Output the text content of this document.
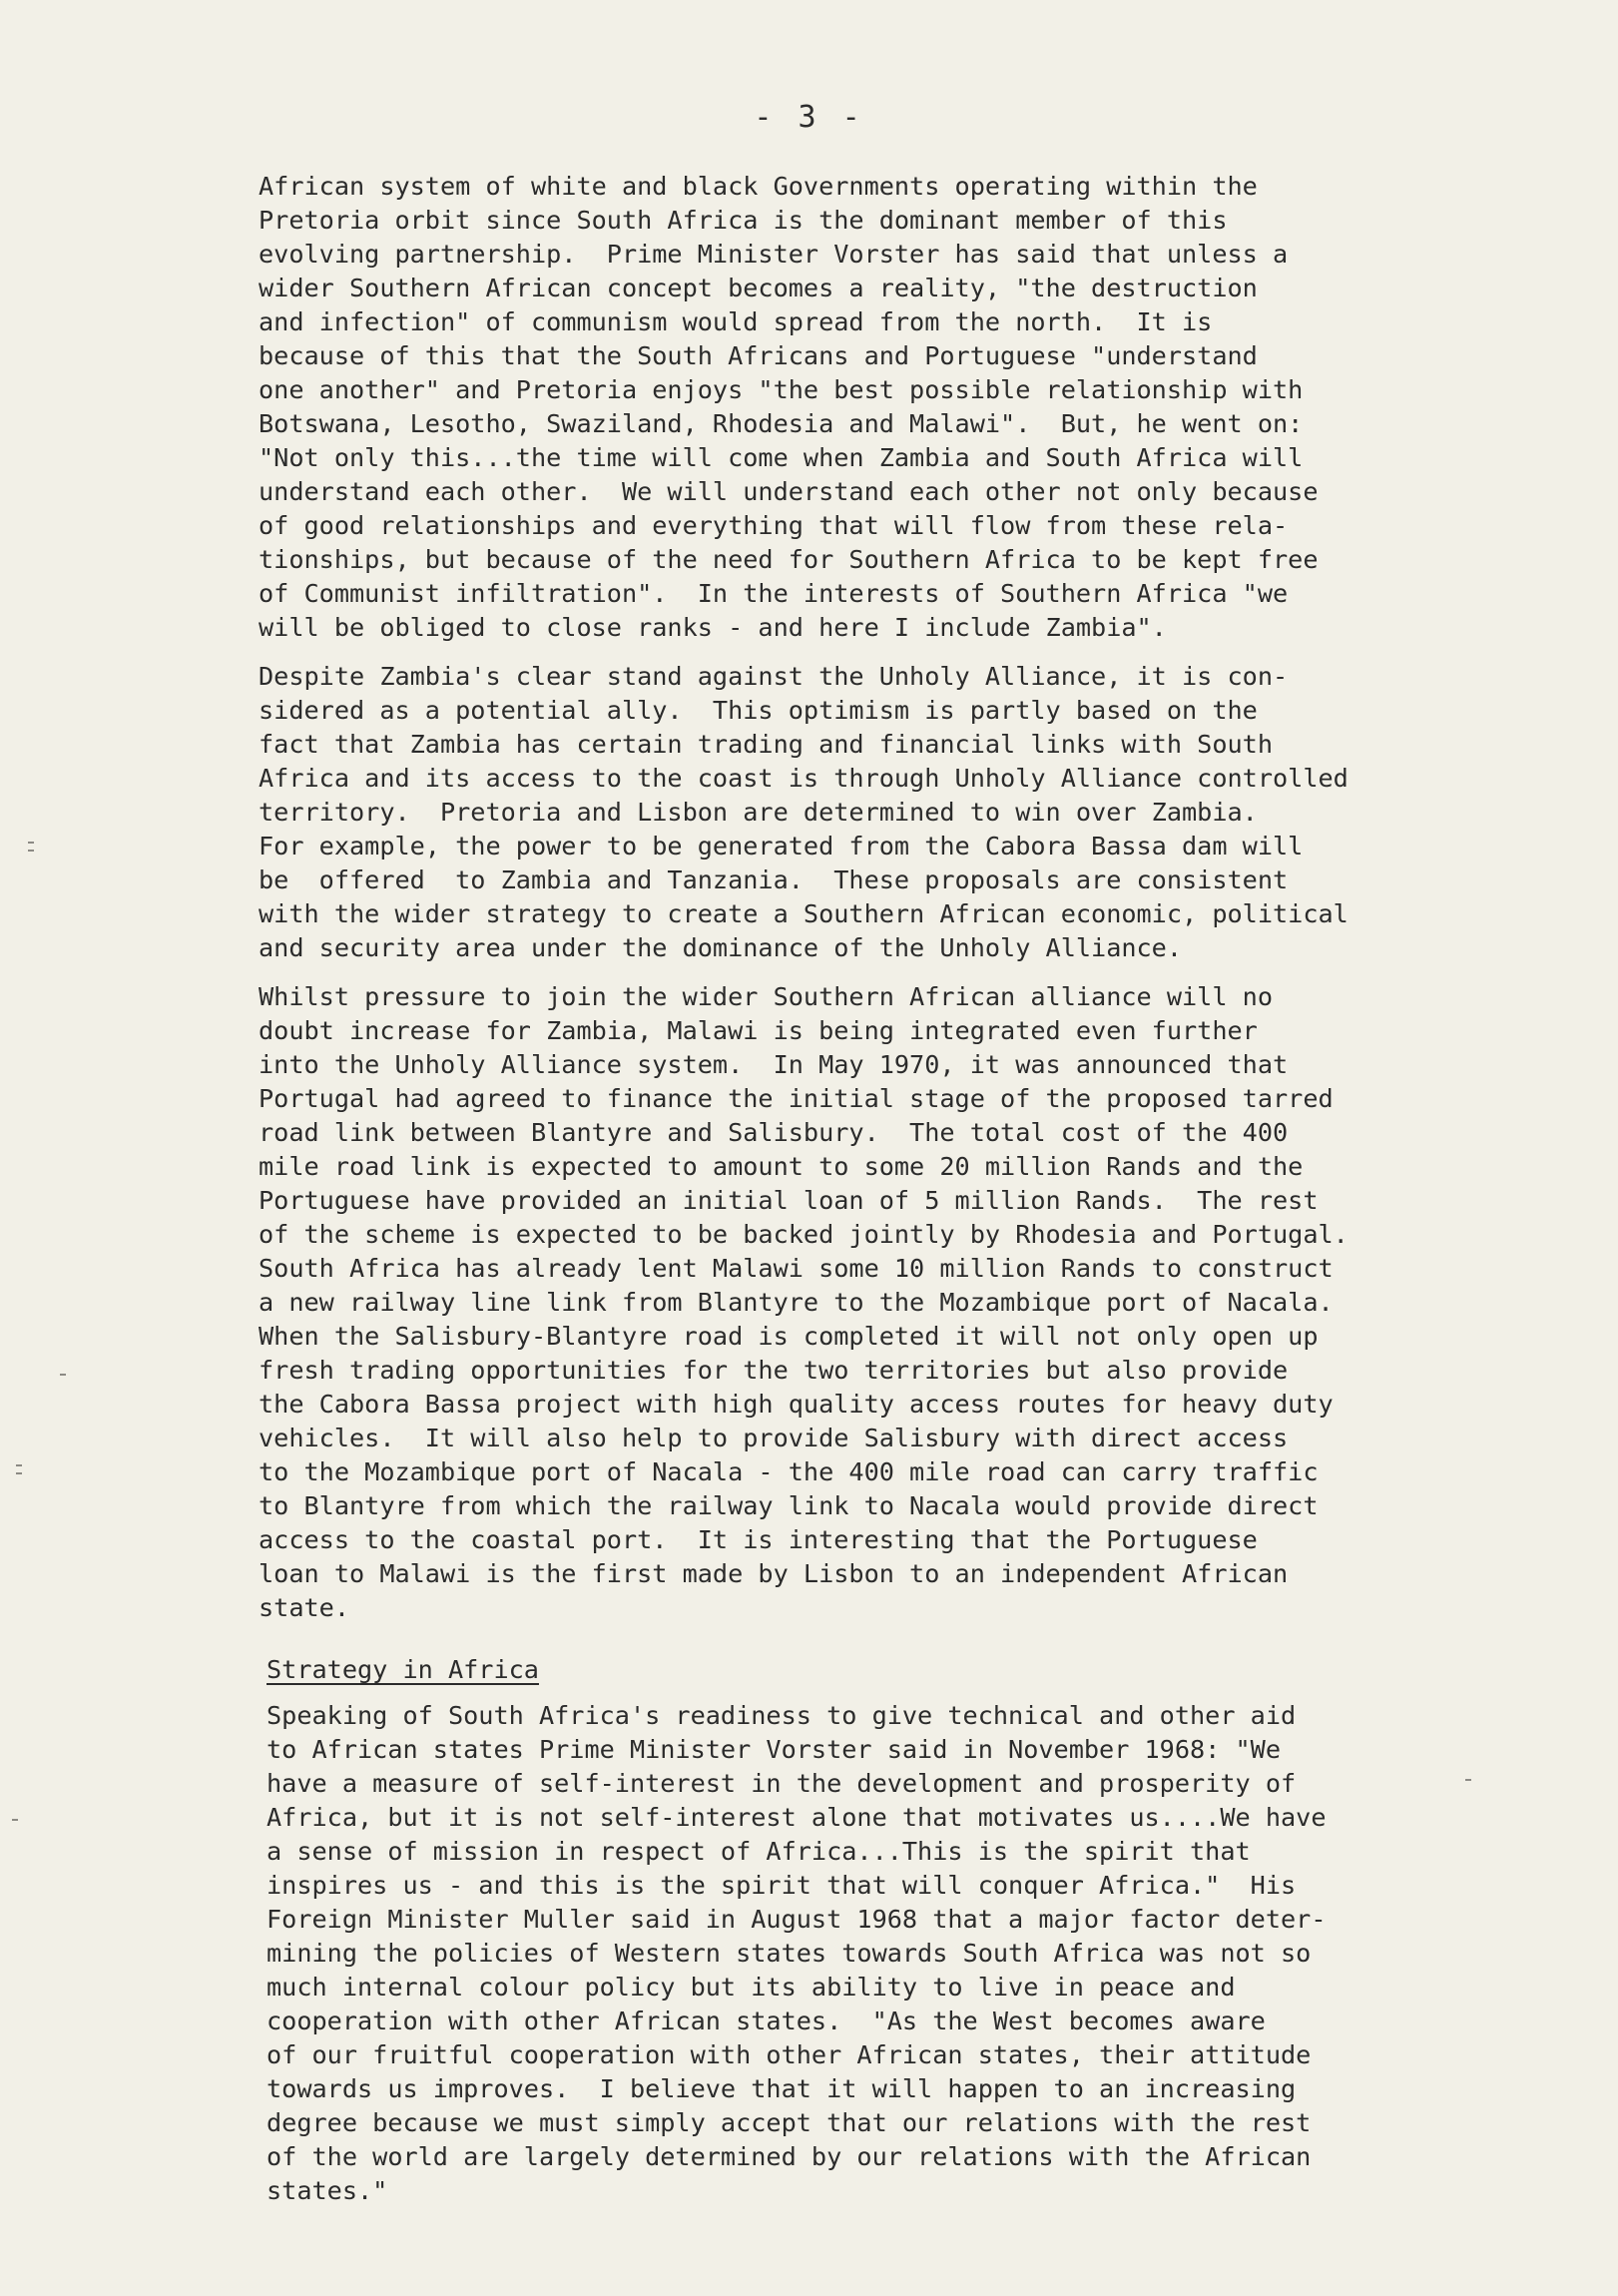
- 3 -
African system of white and black Governments operating within the
Pretoria orbit since South Africa is the dominant member of this
evolving partnership.  Prime Minister Vorster has said that unless a
wider Southern African concept becomes a reality, "the destruction
and infection" of communism would spread from the north.  It is
because of this that the South Africans and Portuguese "understand
one another" and Pretoria enjoys "the best possible relationship with
Botswana, Lesotho, Swaziland, Rhodesia and Malawi".  But, he went on:
"Not only this...the time will come when Zambia and South Africa will
understand each other.  We will understand each other not only because
of good relationships and everything that will flow from these rela-
tionships, but because of the need for Southern Africa to be kept free
of Communist infiltration".  In the interests of Southern Africa "we
will be obliged to close ranks - and here I include Zambia".
Despite Zambia's clear stand against the Unholy Alliance, it is con-
sidered as a potential ally.  This optimism is partly based on the
fact that Zambia has certain trading and financial links with South
Africa and its access to the coast is through Unholy Alliance controlled
territory.  Pretoria and Lisbon are determined to win over Zambia.
For example, the power to be generated from the Cabora Bassa dam will
be  offered  to Zambia and Tanzania.  These proposals are consistent
with the wider strategy to create a Southern African economic, political
and security area under the dominance of the Unholy Alliance.
Whilst pressure to join the wider Southern African alliance will no
doubt increase for Zambia, Malawi is being integrated even further
into the Unholy Alliance system.  In May 1970, it was announced that
Portugal had agreed to finance the initial stage of the proposed tarred
road link between Blantyre and Salisbury.  The total cost of the 400
mile road link is expected to amount to some 20 million Rands and the
Portuguese have provided an initial loan of 5 million Rands.  The rest
of the scheme is expected to be backed jointly by Rhodesia and Portugal.
South Africa has already lent Malawi some 10 million Rands to construct
a new railway line link from Blantyre to the Mozambique port of Nacala.
When the Salisbury-Blantyre road is completed it will not only open up
fresh trading opportunities for the two territories but also provide
the Cabora Bassa project with high quality access routes for heavy duty
vehicles.  It will also help to provide Salisbury with direct access
to the Mozambique port of Nacala - the 400 mile road can carry traffic
to Blantyre from which the railway link to Nacala would provide direct
access to the coastal port.  It is interesting that the Portuguese
loan to Malawi is the first made by Lisbon to an independent African
state.
Strategy in Africa
Speaking of South Africa's readiness to give technical and other aid
to African states Prime Minister Vorster said in November 1968: "We
have a measure of self-interest in the development and prosperity of
Africa, but it is not self-interest alone that motivates us....We have
a sense of mission in respect of Africa...This is the spirit that
inspires us - and this is the spirit that will conquer Africa."  His
Foreign Minister Muller said in August 1968 that a major factor deter-
mining the policies of Western states towards South Africa was not so
much internal colour policy but its ability to live in peace and
cooperation with other African states.  "As the West becomes aware
of our fruitful cooperation with other African states, their attitude
towards us improves.  I believe that it will happen to an increasing
degree because we must simply accept that our relations with the rest
of the world are largely determined by our relations with the African
states."
